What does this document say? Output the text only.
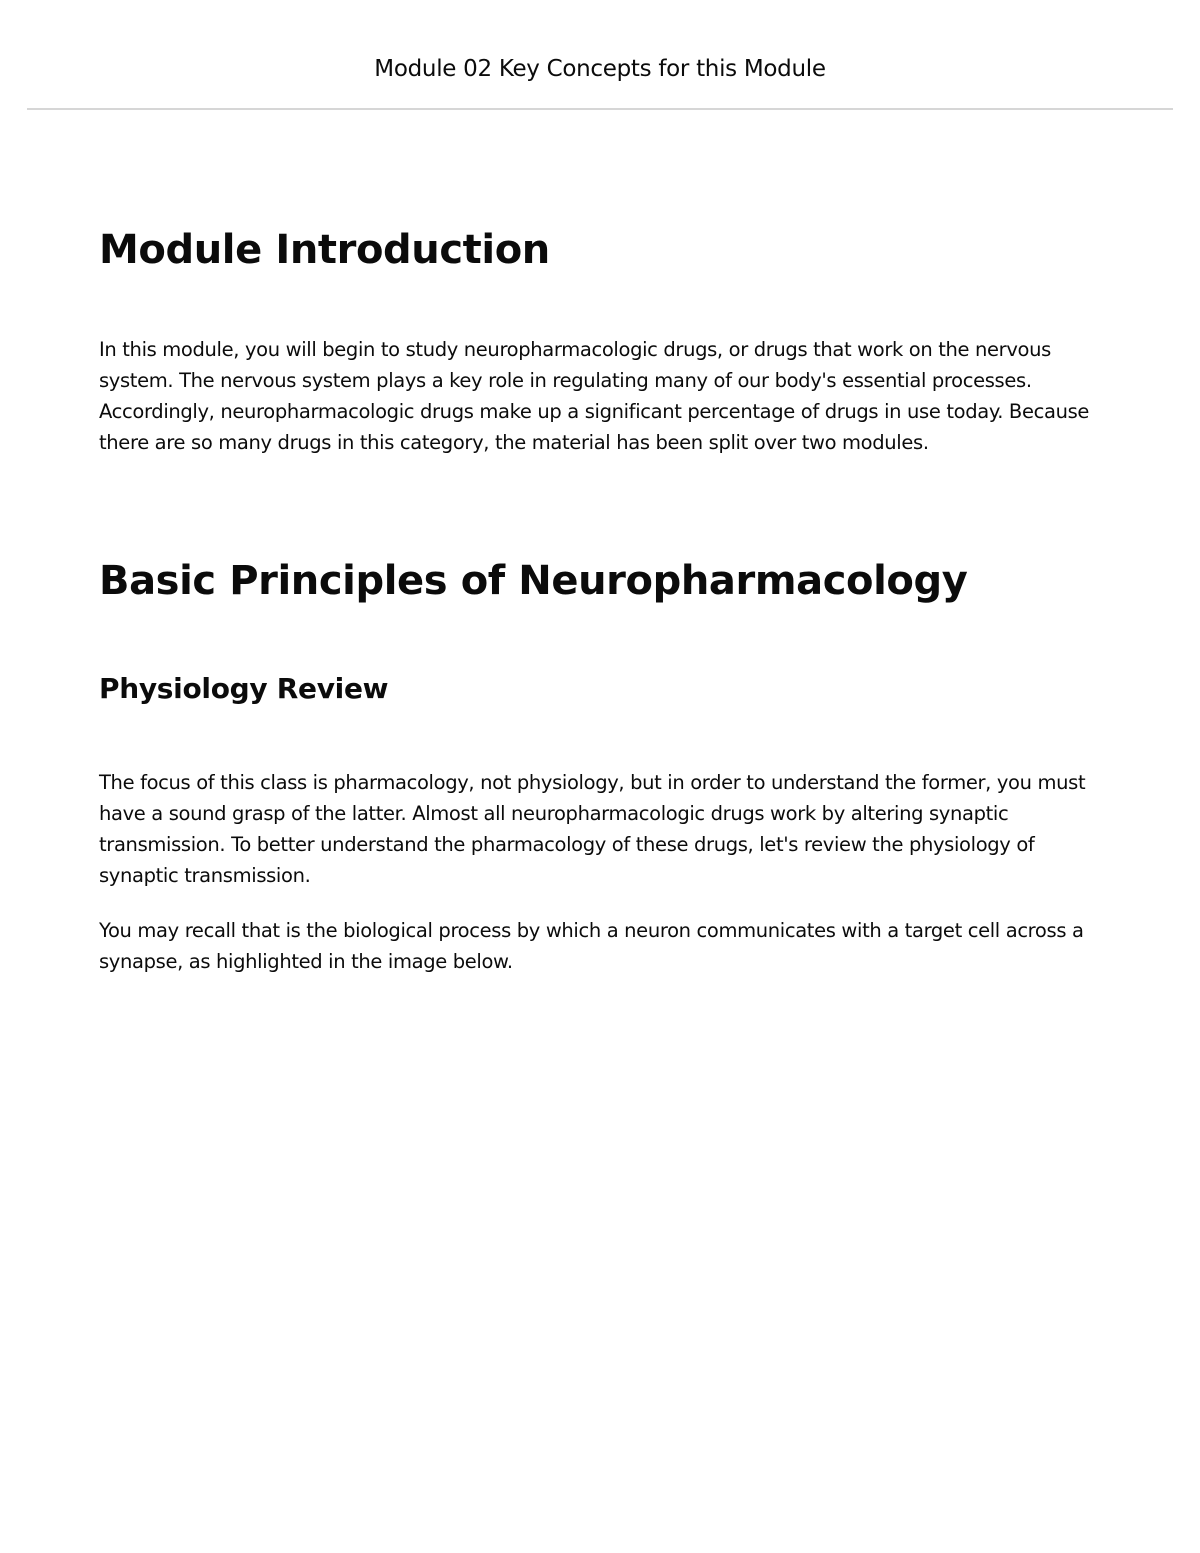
Module 02 Key Concepts for this Module
Module Introduction

In this module, you will begin to study neuropharmacologic drugs, or drugs that work on the nervous system. The nervous system plays a key role in regulating many of our body's essential processes. Accordingly, neuropharmacologic drugs make up a significant percentage of drugs in use today. Because there are so many drugs in this category, the material has been split over two modules.

Basic Principles of Neuropharmacology
Physiology Review

The focus of this class is pharmacology, not physiology, but in order to understand the former, you must have a sound grasp of the latter. Almost all neuropharmacologic drugs work by altering synaptic transmission. To better understand the pharmacology of these drugs, let's review the physiology of synaptic transmission.

You may recall that is the biological process by which a neuron communicates with a target cell across a synapse, as highlighted in the image below.
